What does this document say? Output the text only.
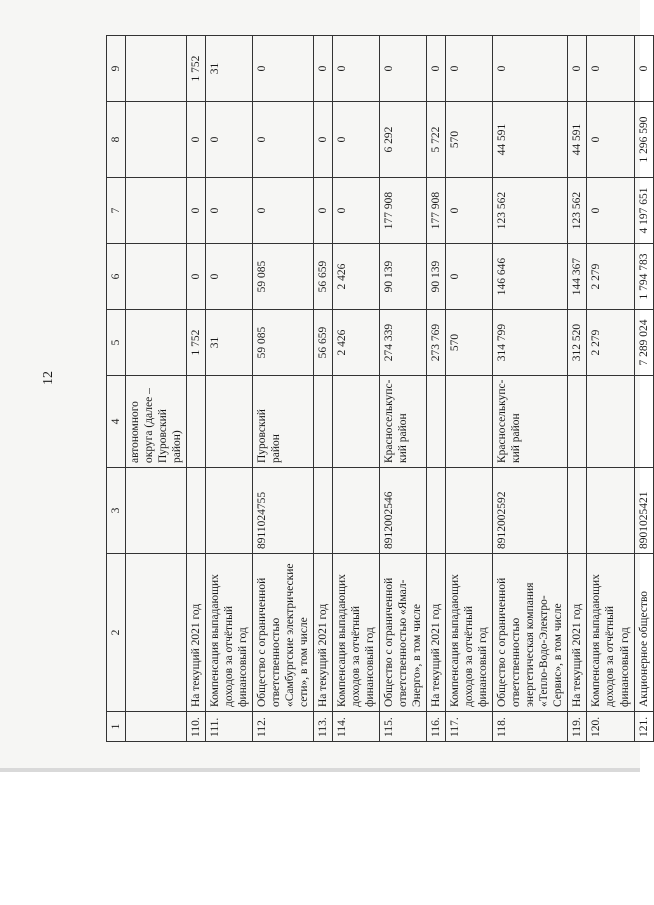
12
1	2	3	4	5	6	7	8	9
			автономного округа (далее – Пуровский район)					
110.	На текущий 2021 год			1 752	0	0	0	1 752
111.	Компенсация выпадающих доходов за отчётный финансовый год			31	0	0	0	31
112.	Общество с ограниченной ответственностью «Самбургские электрические сети», в том числе	8911024755	Пуровский район	59 085	59 085	0	0	0
113.	На текущий 2021 год			56 659	56 659	0	0	0
114.	Компенсация выпадающих доходов за отчётный финансовый год			2 426	2 426	0	0	0
115.	Общество с ограниченной ответственностью «Ямал-Энерго», в том числе	8912002546	Красноселькупс-кий район	274 339	90 139	177 908	6 292	0
116.	На текущий 2021 год			273 769	90 139	177 908	5 722	0
117.	Компенсация выпадающих доходов за отчётный финансовый год			570	0	0	570	0
118.	Общество с ограниченной ответственностью энергетическая компания «Тепло-Водо-Электро-Сервис», в том числе	8912002592	Красноселькупс-кий район	314 799	146 646	123 562	44 591	0
119.	На текущий 2021 год			312 520	144 367	123 562	44 591	0
120.	Компенсация выпадающих доходов за отчётный финансовый год			2 279	2 279	0	0	0
121.	Акционерное общество	8901025421		7 289 024	1 794 783	4 197 651	1 296 590	0
